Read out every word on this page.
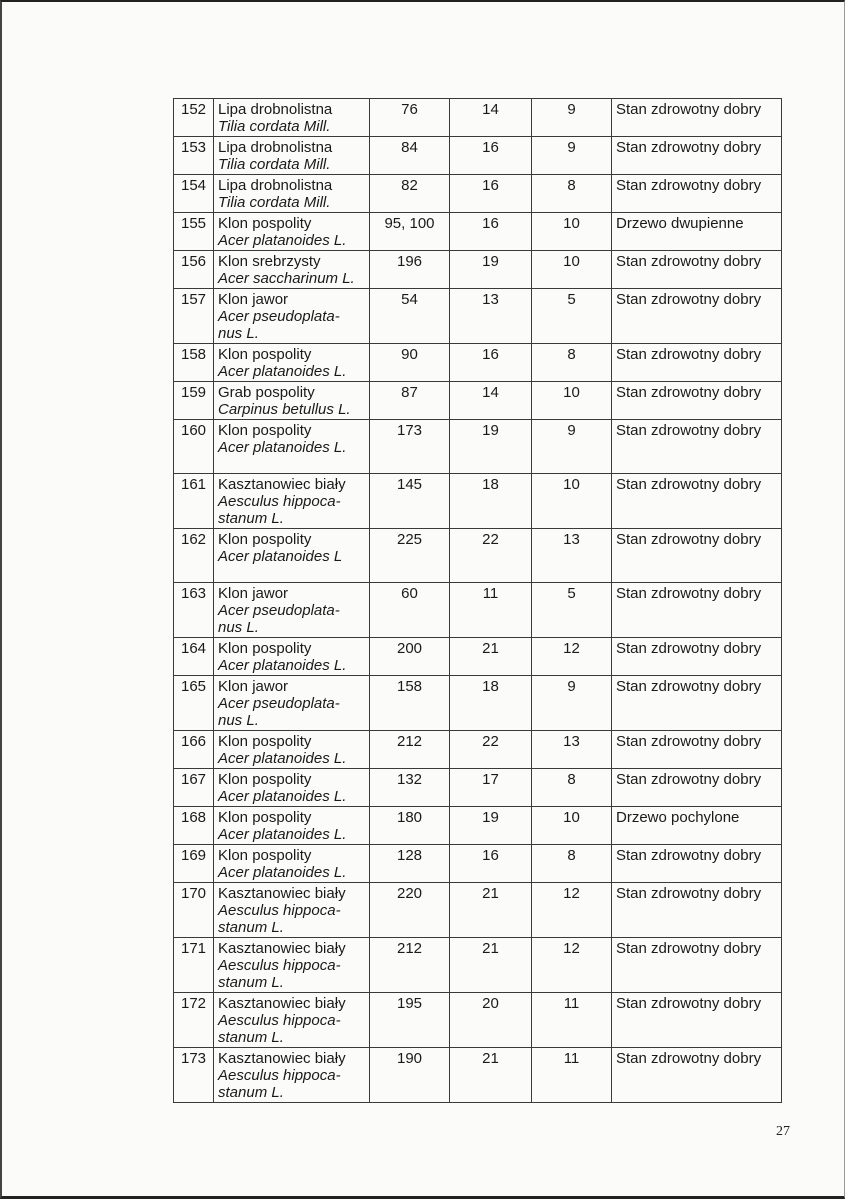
152	Lipa drobnolistna
Tilia cordata Mill.	76	14	9	Stan zdrowotny dobry
153	Lipa drobnolistna
Tilia cordata Mill.	84	16	9	Stan zdrowotny dobry
154	Lipa drobnolistna
Tilia cordata Mill.	82	16	8	Stan zdrowotny dobry
155	Klon pospolity
Acer platanoides L.	95, 100	16	10	Drzewo dwupienne
156	Klon srebrzysty
Acer saccharinum L.	196	19	10	Stan zdrowotny dobry
157	Klon jawor
Acer pseudoplata-
nus L.	54	13	5	Stan zdrowotny dobry
158	Klon pospolity
Acer platanoides L.	90	16	8	Stan zdrowotny dobry
159	Grab pospolity
Carpinus betullus L.	87	14	10	Stan zdrowotny dobry
160	Klon pospolity
Acer platanoides L.	173	19	9	Stan zdrowotny dobry
161	Kasztanowiec biały
Aesculus hippoca-
stanum L.	145	18	10	Stan zdrowotny dobry
162	Klon pospolity
Acer platanoides L	225	22	13	Stan zdrowotny dobry
163	Klon jawor
Acer pseudoplata-
nus L.	60	11	5	Stan zdrowotny dobry
164	Klon pospolity
Acer platanoides L.	200	21	12	Stan zdrowotny dobry
165	Klon jawor
Acer pseudoplata-
nus L.	158	18	9	Stan zdrowotny dobry
166	Klon pospolity
Acer platanoides L.	212	22	13	Stan zdrowotny dobry
167	Klon pospolity
Acer platanoides L.	132	17	8	Stan zdrowotny dobry
168	Klon pospolity
Acer platanoides L.	180	19	10	Drzewo pochylone
169	Klon pospolity
Acer platanoides L.	128	16	8	Stan zdrowotny dobry
170	Kasztanowiec biały
Aesculus hippoca-
stanum L.	220	21	12	Stan zdrowotny dobry
171	Kasztanowiec biały
Aesculus hippoca-
stanum L.	212	21	12	Stan zdrowotny dobry
172	Kasztanowiec biały
Aesculus hippoca-
stanum L.	195	20	11	Stan zdrowotny dobry
173	Kasztanowiec biały
Aesculus hippoca-
stanum L.	190	21	11	Stan zdrowotny dobry
27
